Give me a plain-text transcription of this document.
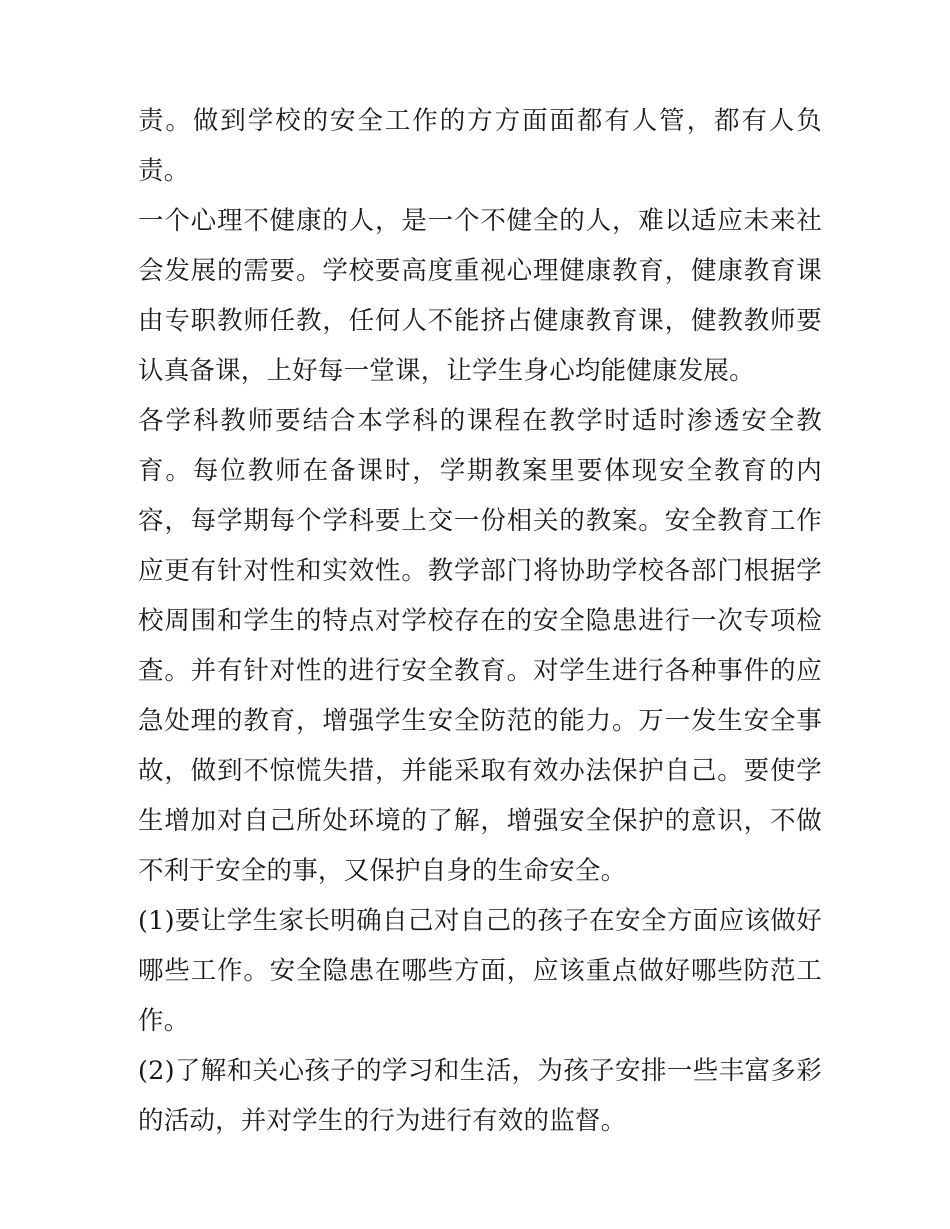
责。做到学校的安全工作的方方面面都有人管，都有人负责。

一个心理不健康的人，是一个不健全的人，难以适应未来社会发展的需要。学校要高度重视心理健康教育，健康教育课由专职教师任教，任何人不能挤占健康教育课，健教教师要认真备课，上好每一堂课，让学生身心均能健康发展。

各学科教师要结合本学科的课程在教学时适时渗透安全教育。每位教师在备课时，学期教案里要体现安全教育的内容，每学期每个学科要上交一份相关的教案。安全教育工作应更有针对性和实效性。教学部门将协助学校各部门根据学校周围和学生的特点对学校存在的安全隐患进行一次专项检查。并有针对性的进行安全教育。对学生进行各种事件的应急处理的教育，增强学生安全防范的能力。万一发生安全事故，做到不惊慌失措，并能采取有效办法保护自己。要使学生增加对自己所处环境的了解，增强安全保护的意识，不做不利于安全的事，又保护自身的生命安全。

(1)要让学生家长明确自己对自己的孩子在安全方面应该做好哪些工作。安全隐患在哪些方面，应该重点做好哪些防范工作。

(2)了解和关心孩子的学习和生活，为孩子安排一些丰富多彩的活动，并对学生的行为进行有效的监督。
